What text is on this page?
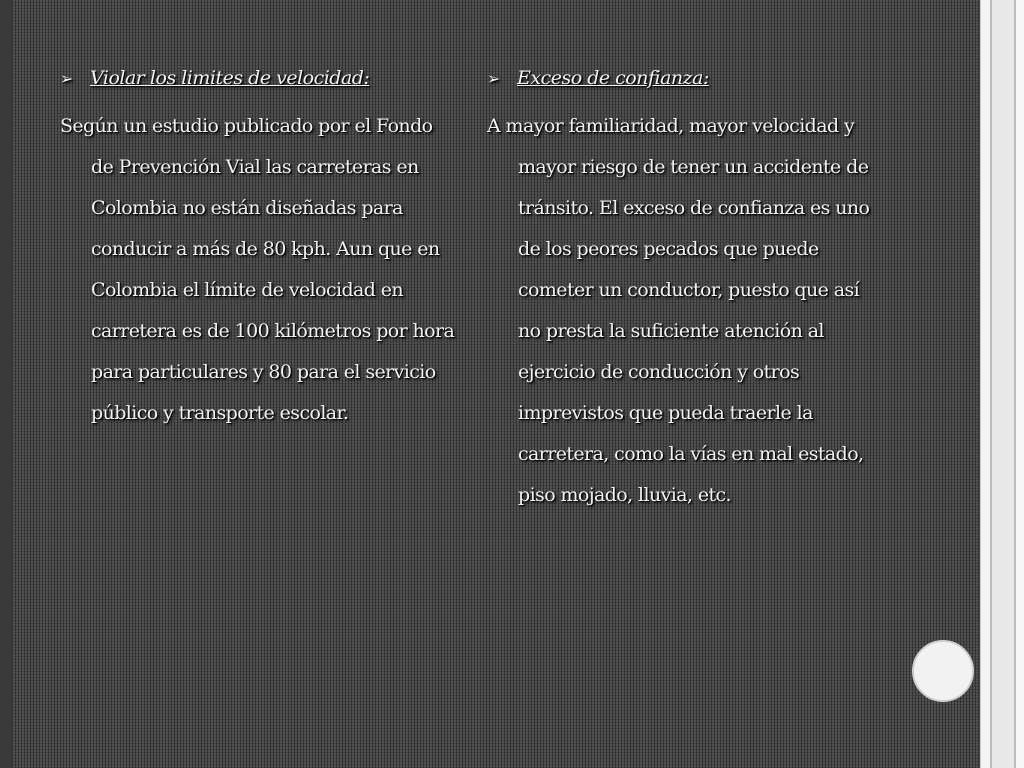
➢ Violar los limites de velocidad:

Según un estudio publicado por el Fondo de Prevención Vial las carreteras en Colombia no están diseñadas para conducir a más de 80 kph. Aun que en Colombia el límite de velocidad en carretera es de 100 kilómetros por hora para particulares y 80 para el servicio público y transporte escolar.

➢ Exceso de confianza:

A mayor familiaridad, mayor velocidad y mayor riesgo de tener un accidente de tránsito. El exceso de confianza es uno de los peores pecados que puede cometer un conductor, puesto que así no presta la suficiente atención al ejercicio de conducción y otros imprevistos que pueda traerle la carretera, como la vías en mal estado, piso mojado, lluvia, etc.
